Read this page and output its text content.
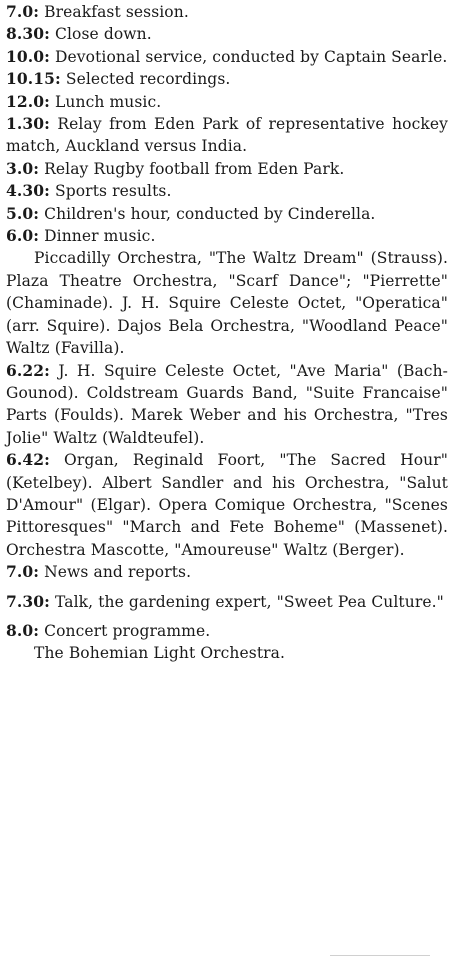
7.0: Breakfast session.
8.30: Close down.
10.0: Devotional service, conducted by Captain Searle.
10.15: Selected recordings.
12.0: Lunch music.
1.30: Relay from Eden Park of representative hockey match, Auckland versus India.
3.0: Relay Rugby football from Eden Park.
4.30: Sports results.
5.0: Children's hour, conducted by Cinderella.
6.0: Dinner music.
Piccadilly Orchestra, "The Waltz Dream" (Strauss). Plaza Theatre Orchestra, "Scarf Dance"; "Pierrette" (Chaminade). J. H. Squire Celeste Octet, "Operatica" (arr. Squire). Dajos Bela Orchestra, "Woodland Peace" Waltz (Favilla).
6.22: J. H. Squire Celeste Octet, "Ave Maria" (Bach-Gounod). Coldstream Guards Band, "Suite Francaise" Parts (Foulds). Marek Weber and his Orchestra, "Tres Jolie" Waltz (Waldteufel).
6.42: Organ, Reginald Foort, "The Sacred Hour" (Ketelbey). Albert Sandler and his Orchestra, "Salut D'Amour" (Elgar). Opera Comique Orchestra, "Scenes Pittoresques" "March and Fete Boheme" (Massenet). Orchestra Mascotte, "Amoureuse" Waltz (Berger).
7.0: News and reports.
7.30: Talk, the gardening expert, "Sweet Pea Culture."
8.0: Concert programme.
The Bohemian Light Orchestra.
